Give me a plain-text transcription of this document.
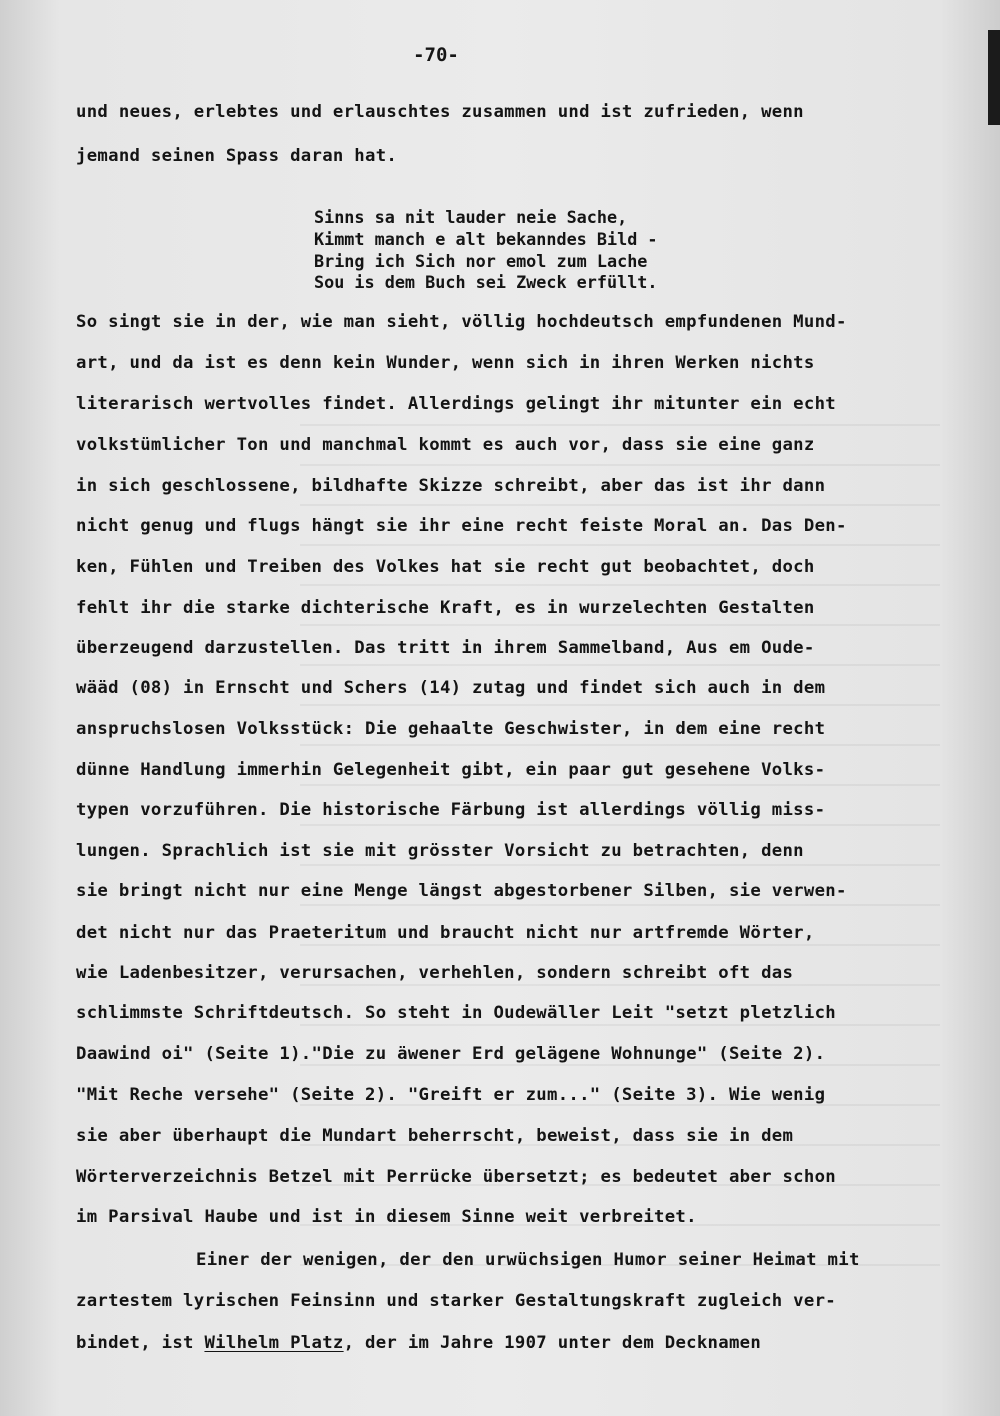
-70-
und neues, erlebtes und erlauschtes zusammen und ist zufrieden, wenn
jemand seinen Spass daran hat.
Sinns sa nit lauder neie Sache,
Kimmt manch e alt bekanndes Bild -
Bring ich Sich nor emol zum Lache
Sou is dem Buch sei Zweck erfüllt.
So singt sie in der, wie man sieht, völlig hochdeutsch empfundenen Mund-
art, und da ist es denn kein Wunder, wenn sich in ihren Werken nichts
literarisch wertvolles findet. Allerdings gelingt ihr mitunter ein echt
volkstümlicher Ton und manchmal kommt es auch vor, dass sie eine ganz
in sich geschlossene, bildhafte Skizze schreibt, aber das ist ihr dann
nicht genug und flugs hängt sie ihr eine recht feiste Moral an. Das Den-
ken, Fühlen und Treiben des Volkes hat sie recht gut beobachtet, doch
fehlt ihr die starke dichterische Kraft, es in wurzelechten Gestalten
überzeugend darzustellen. Das tritt in ihrem Sammelband, Aus em Oude-
wääd (08) in Ernscht und Schers (14) zutag und findet sich auch in dem
anspruchslosen Volksstück: Die gehaalte Geschwister, in dem eine recht
dünne Handlung immerhin Gelegenheit gibt, ein paar gut gesehene Volks-
typen vorzuführen. Die historische Färbung ist allerdings völlig miss-
lungen. Sprachlich ist sie mit grösster Vorsicht zu betrachten, denn
sie bringt nicht nur eine Menge längst abgestorbener Silben, sie verwen-
det nicht nur das Praeteritum und braucht nicht nur artfremde Wörter,
wie Ladenbesitzer, verursachen, verhehlen, sondern schreibt oft das
schlimmste Schriftdeutsch. So steht in Oudewäller Leit "setzt pletzlich
Daawind oi" (Seite 1)."Die zu äwener Erd gelägene Wohnunge" (Seite 2).
"Mit Reche versehe" (Seite 2). "Greift er zum..." (Seite 3). Wie wenig
sie aber überhaupt die Mundart beherrscht, beweist, dass sie in dem
Wörterverzeichnis Betzel mit Perrücke übersetzt; es bedeutet aber schon
im Parsival Haube und ist in diesem Sinne weit verbreitet.
Einer der wenigen, der den urwüchsigen Humor seiner Heimat mit
zartestem lyrischen Feinsinn und starker Gestaltungskraft zugleich ver-
bindet, ist Wilhelm Platz, der im Jahre 1907 unter dem Decknamen
